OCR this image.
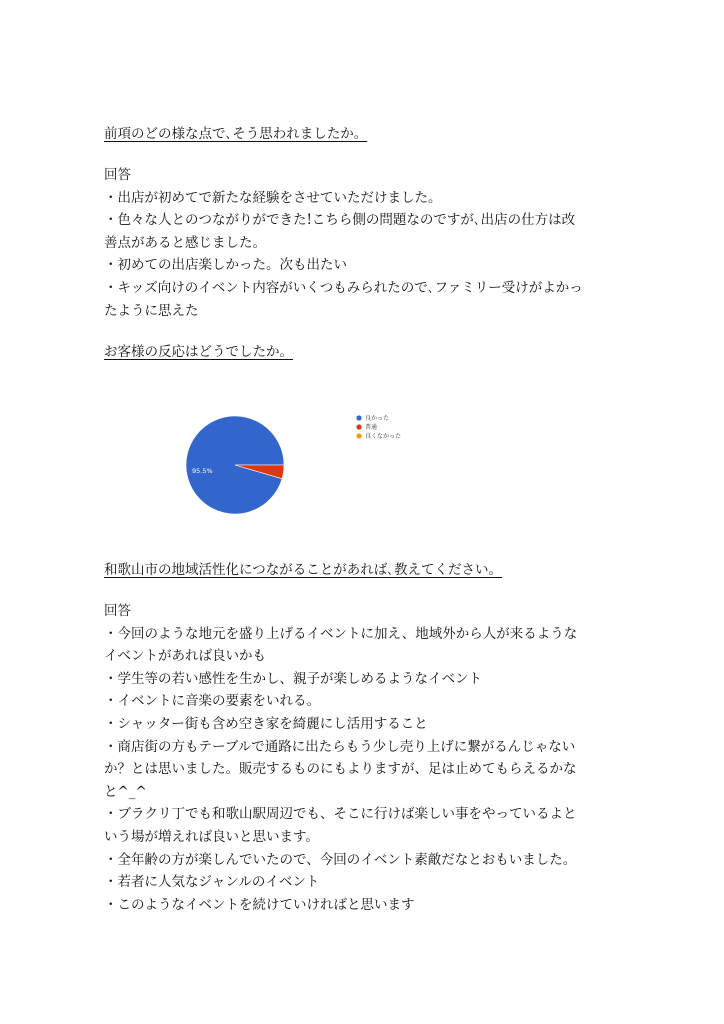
前項のどの様な点で､そう思われましたか。
回答
・出店が初めてで新たな経験をさせていただけました。
・色々な人とのつながりができた!こちら側の問題なのですが､出店の仕方は改
善点があると感じました。
・初めての出店楽しかった。次も出たい
・キッズ向けのイベント内容がいくつもみられたので､ファミリー受けがよかっ
たように思えた
お客様の反応はどうでしたか。
95.5%
良かった
普通
良くなかった
和歌山市の地域活性化につながることがあれば､教えてください。
回答
・今回のような地元を盛り上げるイベントに加え、地域外から人が来るような
イベントがあれば良いかも
・学生等の若い感性を生かし、親子が楽しめるようなイベント
・イベントに音楽の要素をいれる。
・シャッター街も含め空き家を綺麗にし活用すること
・商店街の方もテーブルで通路に出たらもう少し売り上げに繋がるんじゃない
か？とは思いました。販売するものにもよりますが、足は止めてもらえるかな
と^_^
・ブラクリ丁でも和歌山駅周辺でも、そこに行けば楽しい事をやっているよと
いう場が増えれば良いと思います。
・全年齢の方が楽しんでいたので、今回のイベント素敵だなとおもいました。
・若者に人気なジャンルのイベント
・このようなイベントを続けていければと思います
